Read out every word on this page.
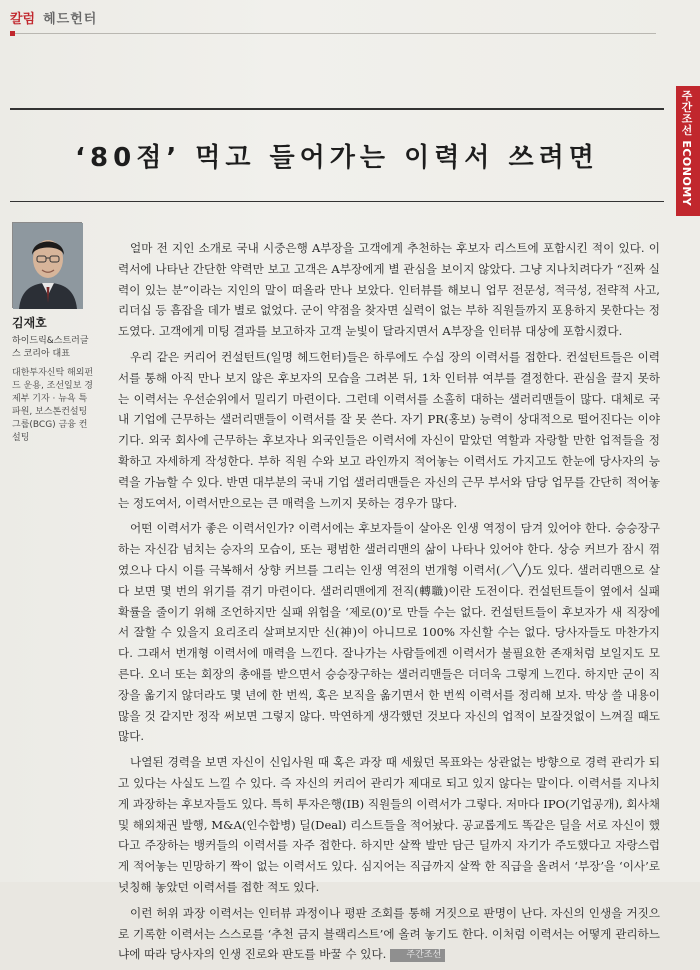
칼럼 헤드헌터
주간조선 ECONOMY
‘80점’ 먹고 들어가는 이력서 쓰려면
김재호
하이드릭&스트러글스 코리아 대표
대한투자신탁 해외펀드 운용, 조선일보 경제부 기자 · 뉴욕 특파원, 보스톤컨설팅그룹(BCG) 금융 컨설팅

얼마 전 지인 소개로 국내 시중은행 A부장을 고객에게 추천하는 후보자 리스트에 포함시킨 적이 있다. 이력서에 나타난 간단한 약력만 보고 고객은 A부장에게 별 관심을 보이지 않았다. 그냥 지나치려다가 “진짜 실력이 있는 분”이라는 지인의 말이 떠올라 만나 보았다. 인터뷰를 해보니 업무 전문성, 적극성, 전략적 사고, 리더십 등 흠잡을 데가 별로 없었다. 군이 약점을 찾자면 실력이 없는 부하 직원들까지 포용하지 못한다는 정도였다. 고객에게 미팅 결과를 보고하자 고객 눈빛이 달라지면서 A부장을 인터뷰 대상에 포함시켰다.

우리 같은 커리어 컨설턴트(일명 헤드헌터)들은 하루에도 수십 장의 이력서를 접한다. 컨설턴트들은 이력서를 통해 아직 만나 보지 않은 후보자의 모습을 그려본 뒤, 1차 인터뷰 여부를 결정한다. 관심을 끌지 못하는 이력서는 우선순위에서 밀리기 마련이다. 그런데 이력서를 소홀히 대하는 샐러리맨들이 많다. 대체로 국내 기업에 근무하는 샐러리맨들이 이력서를 잘 못 쓴다. 자기 PR(홍보) 능력이 상대적으로 떨어진다는 이야기다. 외국 회사에 근무하는 후보자나 외국인들은 이력서에 자신이 맡았던 역할과 자랑할 만한 업적들을 정확하고 자세하게 작성한다. 부하 직원 수와 보고 라인까지 적어놓는 이력서도 가지고도 한눈에 당사자의 능력을 가늠할 수 있다. 반면 대부분의 국내 기업 샐러리맨들은 자신의 근무 부서와 담당 업무를 간단히 적어놓는 정도여서, 이력서만으로는 큰 매력을 느끼지 못하는 경우가 많다.

어떤 이력서가 좋은 이력서인가? 이력서에는 후보자들이 살아온 인생 역정이 담겨 있어야 한다. 승승장구하는 자신감 넘치는 승자의 모습이, 또는 평범한 샐러리맨의 삶이 나타나 있어야 한다. 상승 커브가 잠시 꺾였으나 다시 이를 극복해서 상향 커브를 그리는 인생 역전의 번개형 이력서(／╲╱)도 있다. 샐러리맨으로 살다 보면 몇 번의 위기를 겪기 마련이다. 샐러리맨에게 전직(轉職)이란 도전이다. 컨설턴트들이 옆에서 실패 확률을 줄이기 위해 조언하지만 실패 위험을 ‘제로(0)’로 만들 수는 없다. 컨설턴트들이 후보자가 새 직장에서 잘할 수 있을지 요리조리 살펴보지만 신(神)이 아니므로 100% 자신할 수는 없다. 당사자들도 마찬가지다. 그래서 번개형 이력서에 매력을 느낀다. 잘나가는 사람들에겐 이력서가 불필요한 존재처럼 보일지도 모른다. 오너 또는 회장의 총애를 받으면서 승승장구하는 샐러리맨들은 더더욱 그렇게 느낀다. 하지만 군이 직장을 옮기지 않더라도 몇 년에 한 번씩, 혹은 보직을 옮기면서 한 번씩 이력서를 정리해 보자. 막상 쓸 내용이 많을 것 같지만 정작 써보면 그렇지 않다. 막연하게 생각했던 것보다 자신의 업적이 보잘것없이 느껴질 때도 많다.

나열된 경력을 보면 자신이 신입사원 때 혹은 과장 때 세웠던 목표와는 상관없는 방향으로 경력 관리가 되고 있다는 사실도 느낄 수 있다. 즉 자신의 커리어 관리가 제대로 되고 있지 않다는 말이다. 이력서를 지나치게 과장하는 후보자들도 있다. 특히 투자은행(IB) 직원들의 이력서가 그렇다. 저마다 IPO(기업공개), 회사채 및 해외채권 발행, M&A(인수합병) 딜(Deal) 리스트들을 적어놨다. 공교롭게도 똑같은 딜을 서로 자신이 했다고 주장하는 뱅커들의 이력서를 자주 접한다. 하지만 살짝 발만 담근 딜까지 자기가 주도했다고 자랑스럽게 적어놓는 민망하기 짝이 없는 이력서도 있다. 심지어는 직급까지 살짝 한 직급을 올려서 ‘부장’을 ‘이사’로 넛칭해 놓았던 이력서를 접한 적도 있다.

이런 허위 과장 이력서는 인터뷰 과정이나 평판 조회를 통해 거짓으로 판명이 난다. 자신의 인생을 거짓으로 기록한 이력서는 스스로를 ‘추천 금지 블랙리스트’에 올려 놓기도 한다. 이처럼 이력서는 어떻게 관리하느냐에 따라 당사자의 인생 진로와 판도를 바꿀 수 있다. 주간조선
